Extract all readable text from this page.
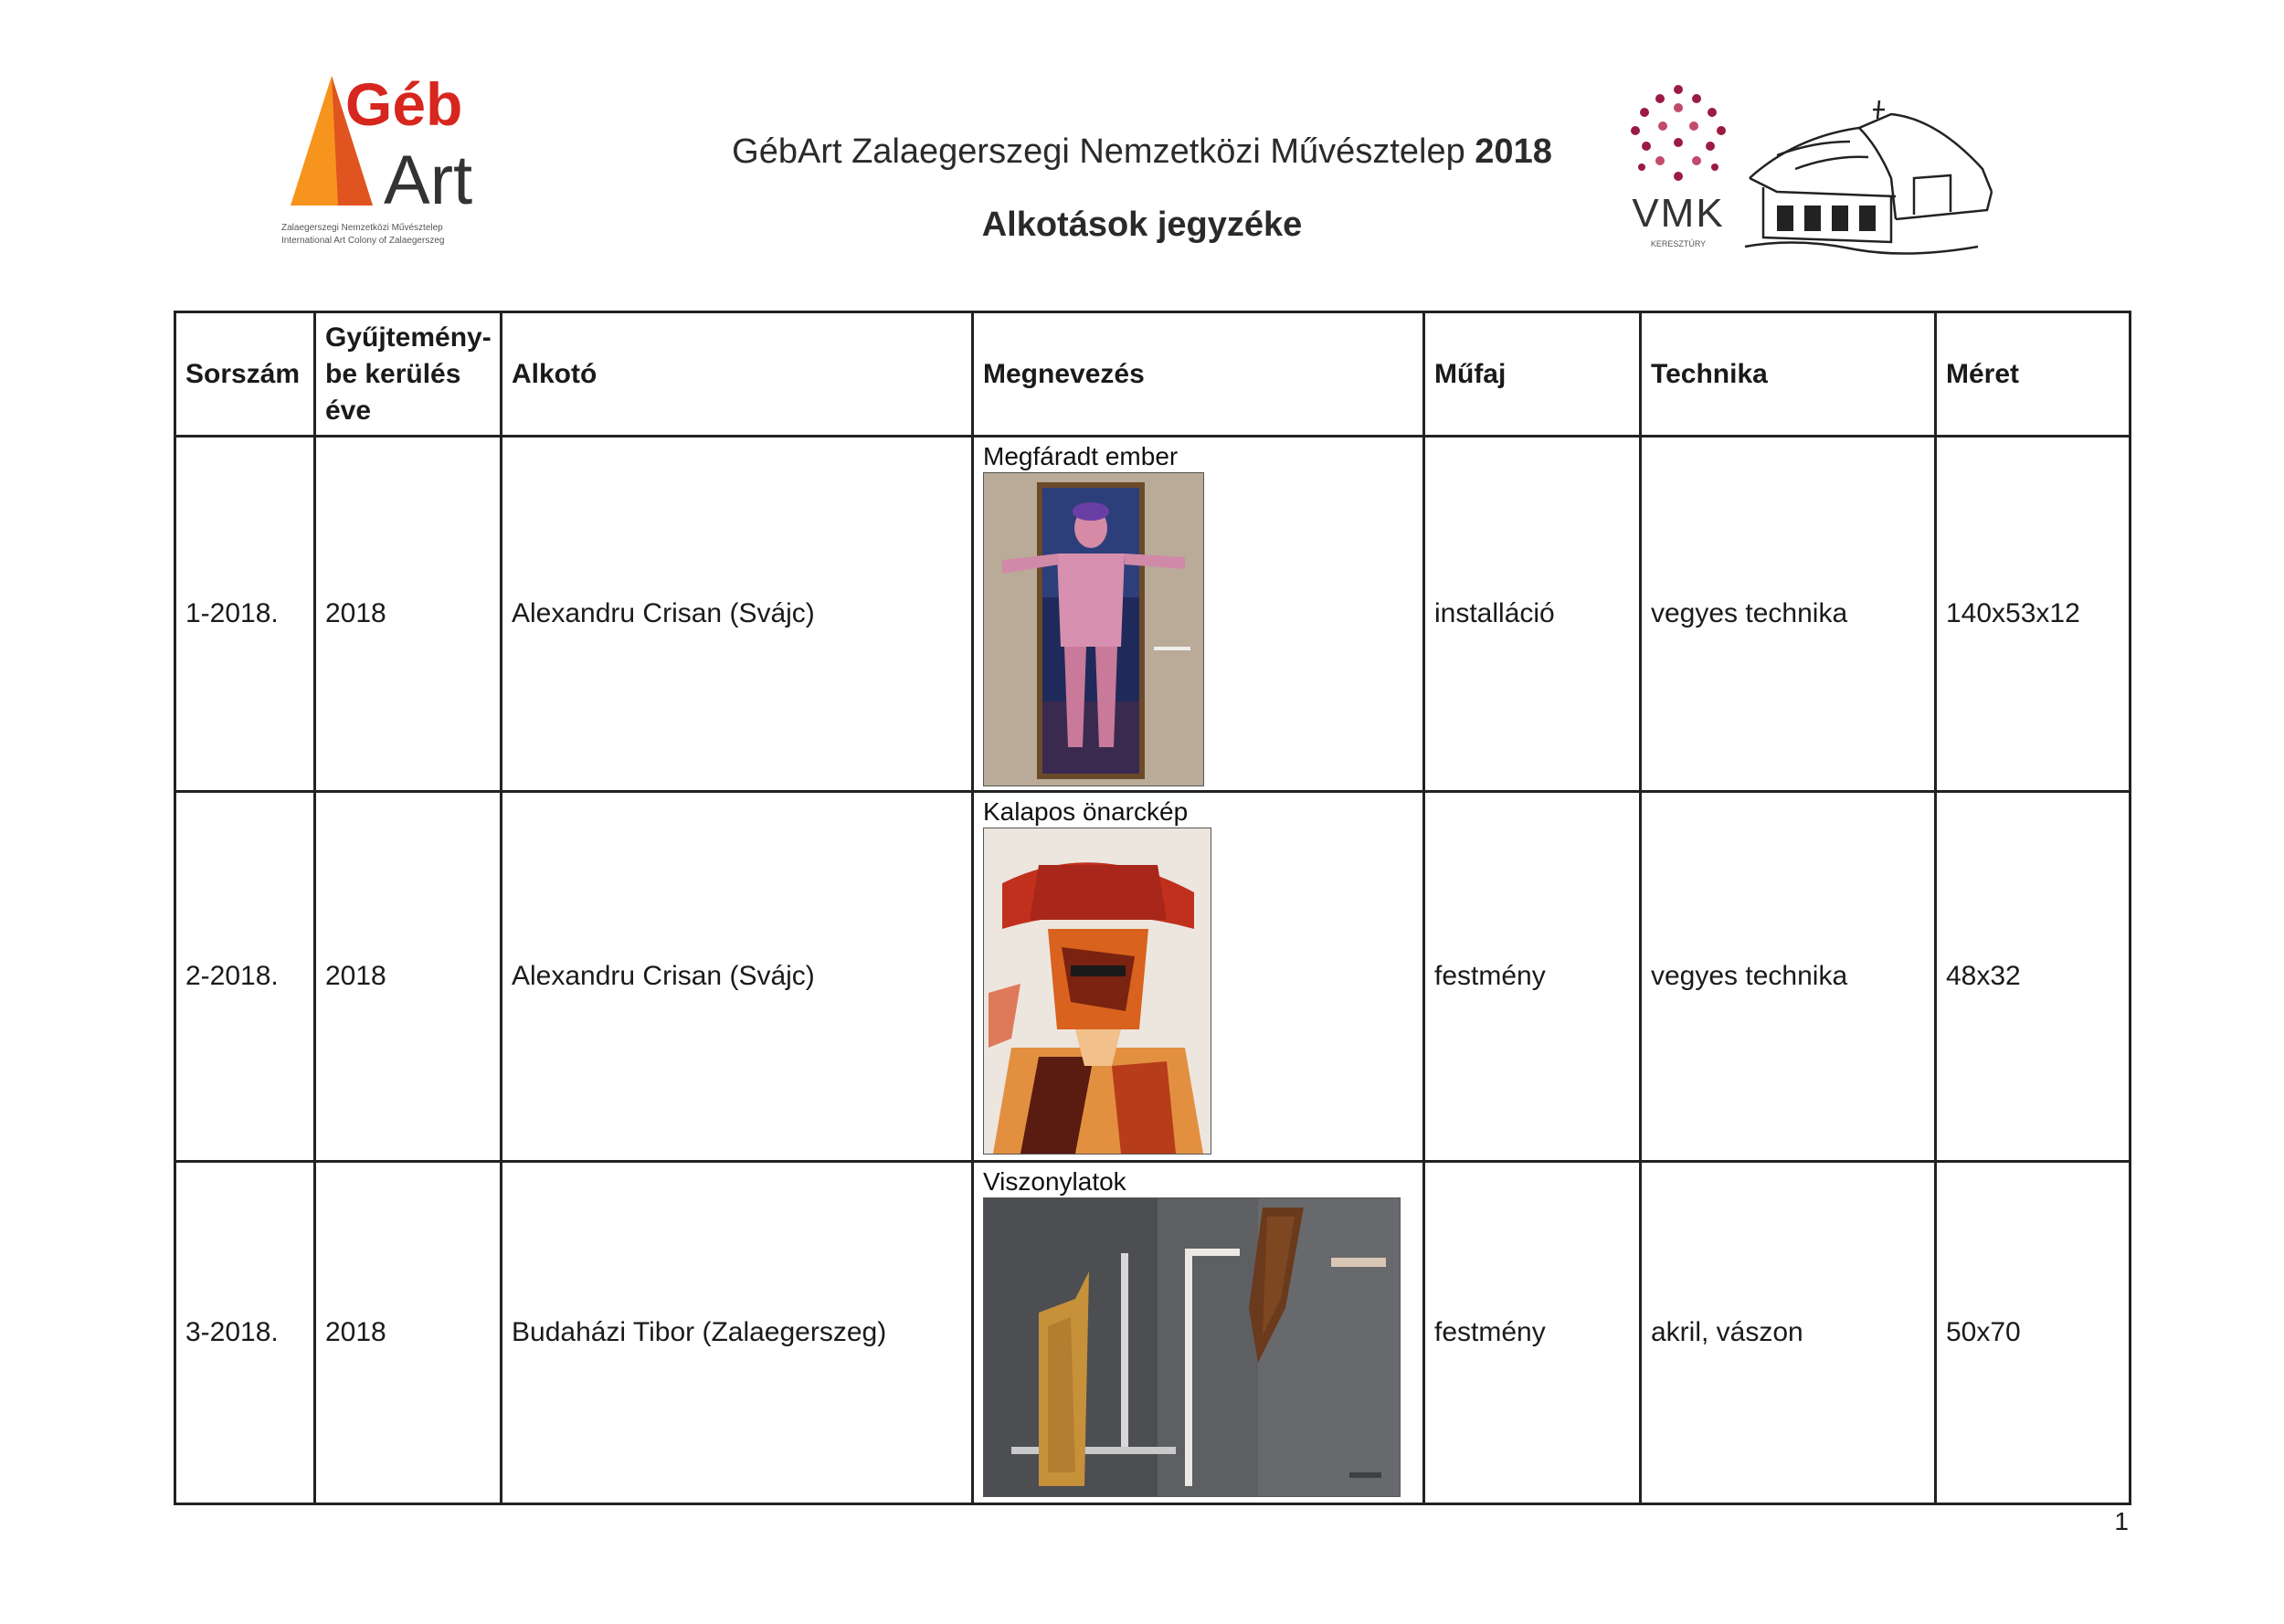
Géb
Art
Zalaegerszegi Nemzetközi Művésztelep
International Art Colony of Zalaegerszeg
GébArt Zalaegerszegi Nemzetközi Művésztelep 2018
Alkotások jegyzéke	VMK
KERESZTÚRY
Sorszám	Gyűjtemény-be kerülés éve	Alkotó	Megnevezés	Műfaj	Technika	Méret
1-2018.	2018	Alexandru Crisan (Svájc)	Megfáradt ember	installáció	vegyes technika	140x53x12
2-2018.	2018	Alexandru Crisan (Svájc)	Kalapos önarckép	festmény	vegyes technika	48x32
3-2018.	2018	Budaházi Tibor (Zalaegerszeg)	Viszonylatok	festmény	akril, vászon	50x70
1
